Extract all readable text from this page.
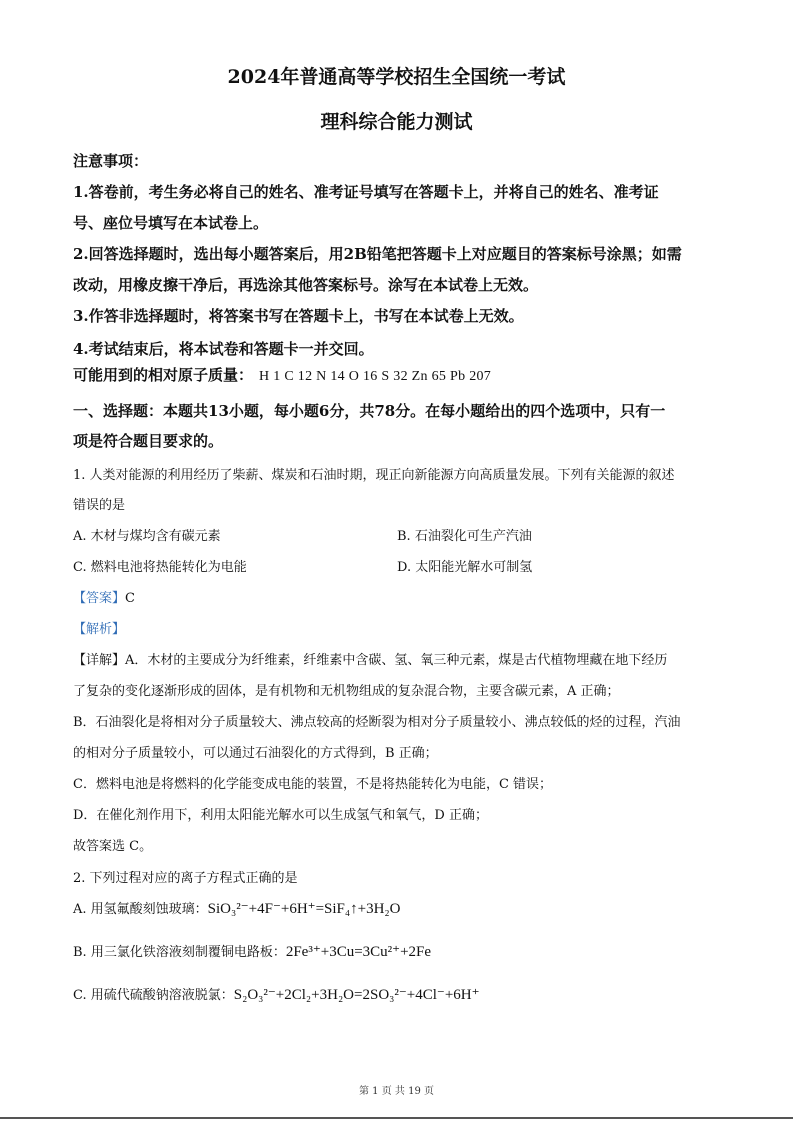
2024年普通高等学校招生全国统一考试
理科综合能力测试
注意事项：
1.答卷前，考生务必将自己的姓名、准考证号填写在答题卡上，并将自己的姓名、准考证
号、座位号填写在本试卷上。
2.回答选择题时，选出每小题答案后，用2B铅笔把答题卡上对应题目的答案标号涂黑；如需
改动，用橡皮擦干净后，再选涂其他答案标号。涂写在本试卷上无效。
3.作答非选择题时，将答案书写在答题卡上，书写在本试卷上无效。
4.考试结束后，将本试卷和答题卡一并交回。
可能用到的相对原子质量： H 1 C 12 N 14 O 16 S 32 Zn 65 Pb 207
一、选择题：本题共13小题，每小题6分，共78分。在每小题给出的四个选项中，只有一
项是符合题目要求的。
1. 人类对能源的利用经历了柴薪、煤炭和石油时期，现正向新能源方向高质量发展。下列有关能源的叙述
错误的是
A. 木材与煤均含有碳元素	B. 石油裂化可生产汽油
C. 燃料电池将热能转化为电能	D. 太阳能光解水可制氢
【答案】C
【解析】
【详解】A．木材的主要成分为纤维素，纤维素中含碳、氢、氧三种元素，煤是古代植物埋藏在地下经历
了复杂的变化逐渐形成的固体，是有机物和无机物组成的复杂混合物，主要含碳元素，A 正确；
B．石油裂化是将相对分子质量较大、沸点较高的烃断裂为相对分子质量较小、沸点较低的烃的过程，汽油
的相对分子质量较小，可以通过石油裂化的方式得到，B 正确；
C．燃料电池是将燃料的化学能变成电能的装置，不是将热能转化为电能，C 错误；
D．在催化剂作用下，利用太阳能光解水可以生成氢气和氧气，D 正确；
故答案选 C。
2. 下列过程对应的离子方程式正确的是
A. 用氢氟酸刻蚀玻璃：SiO₃²⁻+4F⁻+6H⁺=SiF₄↑+3H₂O
B. 用三氯化铁溶液刻制覆铜电路板：2Fe³⁺+3Cu=3Cu²⁺+2Fe
C. 用硫代硫酸钠溶液脱氯：S₂O₃²⁻+2Cl₂+3H₂O=2SO₃²⁻+4Cl⁻+6H⁺
第 1 页 共 19 页
